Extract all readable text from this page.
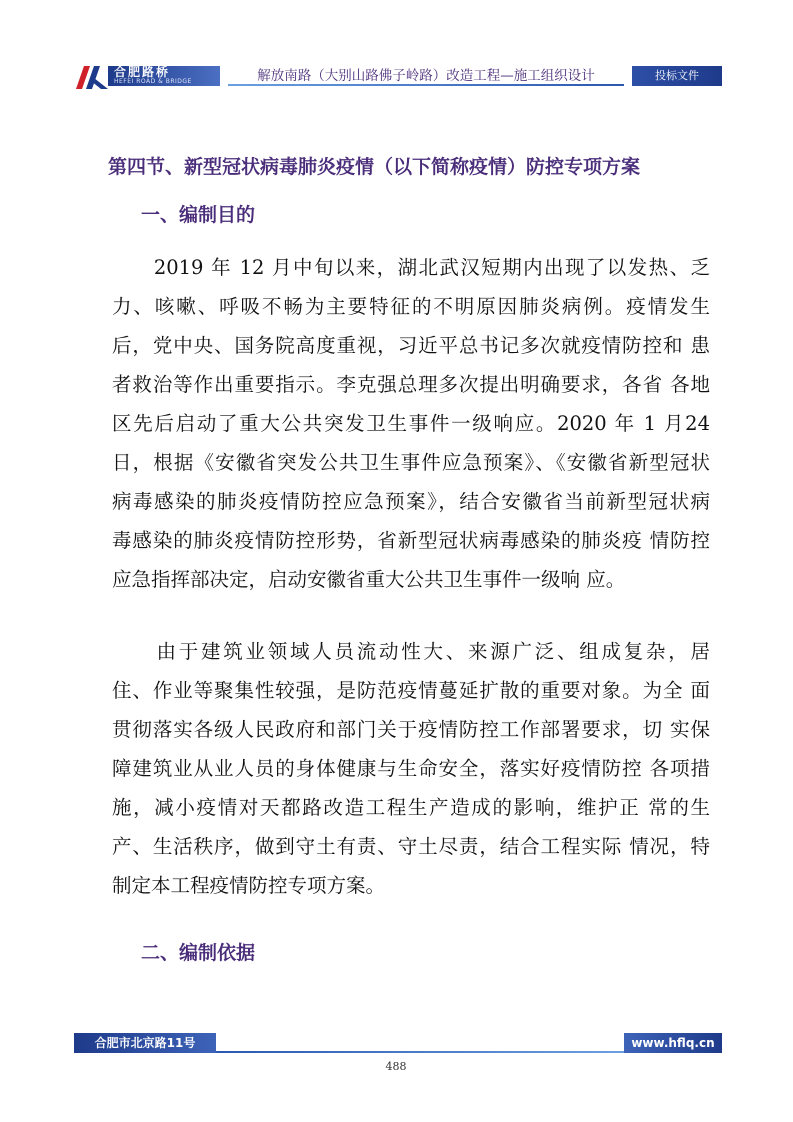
合肥路桥
HEFEI ROAD & BRIDGE	解放南路（大别山路佛子岭路）改造工程—施工组织设计	投标文件
第四节、新型冠状病毒肺炎疫情（以下简称疫情）防控专项方案
一、编制目的
　　2019 年 12 月中旬以来，湖北武汉短期内出现了以发热、乏
力、咳嗽、呼吸不畅为主要特征的不明原因肺炎病例。疫情发生
后，党中央、国务院高度重视，习近平总书记多次就疫情防控和 患
者救治等作出重要指示。李克强总理多次提出明确要求，各省 各地
区先后启动了重大公共突发卫生事件一级响应。2020 年 1 月24
日，根据《安徽省突发公共卫生事件应急预案》、《安徽省新型冠状
病毒感染的肺炎疫情防控应急预案》，结合安徽省当前新型冠状病
毒感染的肺炎疫情防控形势，省新型冠状病毒感染的肺炎疫 情防控
应急指挥部决定，启动安徽省重大公共卫生事件一级响 应。
　　由于建筑业领域人员流动性大、来源广泛、组成复杂，居
住、作业等聚集性较强，是防范疫情蔓延扩散的重要对象。为全 面
贯彻落实各级人民政府和部门关于疫情防控工作部署要求，切 实保
障建筑业从业人员的身体健康与生命安全，落实好疫情防控 各项措
施，减小疫情对天都路改造工程生产造成的影响，维护正 常的生
产、生活秩序，做到守土有责、守土尽责，结合工程实际 情况，特
制定本工程疫情防控专项方案。
二、编制依据
合肥市北京路11号	www.hflq.cn
488
